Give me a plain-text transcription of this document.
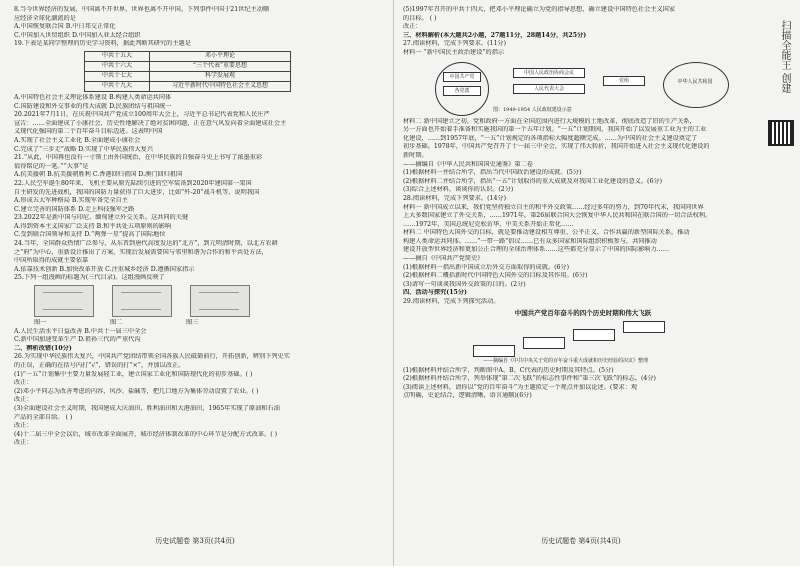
8.当今世界经济的发展，中国离不开世界，世界也离不开中国。下列事件中国于21世纪主动顺

应经济全球化潮流的是

A.中国恢复联合国 B.中日邦交正常化

C.中国加入世贸组织 D.中国加入亚太经合组织

19.下表是某同学整理的历史学习资料，据此判断其研究的主题是

中共十五大	邓小平理论
中共十六大	“三个代表”重要思想
中共十七大	科学发展观
中共十九大	习近平新时代中国特色社会主义思想

A.中国特色社会主义理论体系建设 B.构建人类命运共同体

C.国防建设和外交事业的伟大成就 D.民族团结与祖国统一

20.2021年7月1日，在庆祝中国共产党成立100周年大会上，习近平总书记代表党和人民庄严

宣告：……全面建成了小康社会，历史性地解决了绝对贫困问题，正在意气风发向着全面建成社会主

义现代化强国的第二个百年奋斗目标迈进。这表明中国

A.实现了社会主义工业化 B.全面建成小康社会

C.完成了“三步走”战略 D.实现了中华民族伟大复兴

21.“从此，中国再也没有一寸领土由外国统治，在中华民族的自强奋斗史上书写了浓墨重彩

值得铭记的一笔。”“大事”是

A.抗美援朝 B.抗美援朝胜利 C.香港回归祖国 D.澳门回归祖国

22.人民空军诞生80年来，飞机主要从原先陆续引进的空军装备到2020年建国第一架国

自主研发的先进战机，我国的国防力量获得了巨大进步，比如“歼-20”战斗机等，说明我国

A.形成五大军种格局 B.实现军备完全自主

C.建立完善的国防体系 D.走上科技强军之路

23.2022年是新中国与印尼、缅甸建立外交关系。这共同的关键

A.得到资本主义国家广泛支持 B.和平共处五项原则的影响

C.受到联合国领导和支持 D.“两弹一星”提高了国际地位

24.当年，全国群众热情广泛参与，从东晋到唐代高度发达的“北方”，到元明清时期，以北方农耕

之“府”为中心，重新设计推出了方案，实现后发展需要国与邻里和谐为合作的和平共处方法，

中国所取得的成就主要依靠

A.依靠技术创新 B.加快改革开放 C.注重城乡经济 D.遵循国家指示

25.下列一组漫画的标题为(三代目录)。这组漫画反映了

图一	图二	图三

A.人民生活水平日益改善 B.中共十一届三中全会

C.新中国加速变革生产 D.祖孙三代的严重代沟

二、辨析改错(10分)

26.为实现中华民族伟大复兴，中国共产党团结带领全国各族人民砥砺前行，开拓创新，辨别下列史实

的正误，正确的在括号内打“√”，错误的打“×”，并加以改正。

(1)“一五”计划集中主要力量发展轻工业，建立国家工业化和国防现代化的初步基础。( )

改正：

(2)邓小平同志为改善考虑的内容，风沙、盐碱等，把几口地方为集体劳动设置了农业。( )

改正：

(3)全面建设社会主义时期，我国建成大庆油田、胜利油田和大港油田，1965年实现了原油和石油

产品的全部自给。 ( )

改正：

(4)十二届三中全会以后，城市改革全面展开，城市经济体制改革的中心环节是分配方式改革。( )

改正：

历史试题卷 第3页(共4页)

(5)1997年召开的中共十四大，把邓小平理论确立为党的指导思想，确立建设中国特色社会主义国家

的目标。 ( )

改正：

三、材料解析(本大题共2小题，27题11分，28题14分，共25分)

27.阅读材料，完成下列要求。(11分)

材料一 “新中国民主政治建设”的指示

中国共产党
各党派
中国人民政治协商会议
人民代表大会
党组	中华人民共和国

图：1949-1954 人民政权建设示意

材料二 新中国建立之初，党和政府一方面在全国范围内进行大规模的土地改革，彻底改造了旧的生产关系，

另一方面也开始着手准备和实施我国的第一个五年计划。“一五”计划期间，我国开始了以发展重工业为主的工业

化建设，……到1957年底，“一五”计划规定的各项指标大幅度超额完成。……为中国的社会主义建设奠定了

初步基础。1978年，中国共产党召开了十一届三中全会，实现了伟大转折，我国开始进入社会主义现代化建设的

新时期。

——摘编自《中华人民共和国国史通鉴》第二卷

(1)根据材料一并结合所学，指出当代中国政治建设的成就。(5分)

(2)根据材料二并结合所学，指出“一五”计划取得的重大成就及对我国工业化建设的意义。(6分)

(3)综合上述材料，谈谈你的认识。(2分)

28.阅读材料，完成下列要求。(14分)

材料一 新中国成立以来，我们党坚持独立自主的和平外交政策……经过多年的努力，到70年代末，我国同世界

上大多数国家建立了外交关系，……1971年，第26届联合国大会恢复中华人民共和国在联合国的一切合法权利。

……1972年，美国总统尼克松访华，中美关系开始正常化……

材料二 中国特色大国外交的目标，就是要推动建设相互尊重、公平正义、合作共赢的新型国际关系，推动

构建人类命运共同体。……“一带一路”倡议……已有众多国家和国际组织积极参与，共同推动

建设开放型世界经济和更加公正合理的全球治理体系……这些都充分显示了中国的国际影响力……

——摘自《中国共产党简史》

(1)根据材料一指出新中国成立后外交方面取得的成就。(6分)

(2)根据材料二概括新时代中国特色大国外交的目标及其作用。(6分)

(3)请写一句谈谈我国外交政策的目的。(2分)

四、活动与探究(15分)

29.阅读材料，完成下列探究活动。

中国共产党百年奋斗的四个历史时期和伟大飞跃

——摘编自《中共中央关于党的百年奋斗重大成就和历史经验的决议》整理

(1)根据材料并结合所学，判断图中A、B、C代表的历史时期及其特点。(5分)

(2)根据材料并结合所学，列举体现“第二次飞跃”的标志性事件和“第三次飞跃”的标志。(4分)

(3)阅读上述材料，请你以“党的百年奋斗”为主题拟定一个观点并加以论述。(要求：观

点明确，史论结合，逻辑清晰，语言通顺)(6分)

历史试题卷 第4页(共4页)
扫描全能王 创建
